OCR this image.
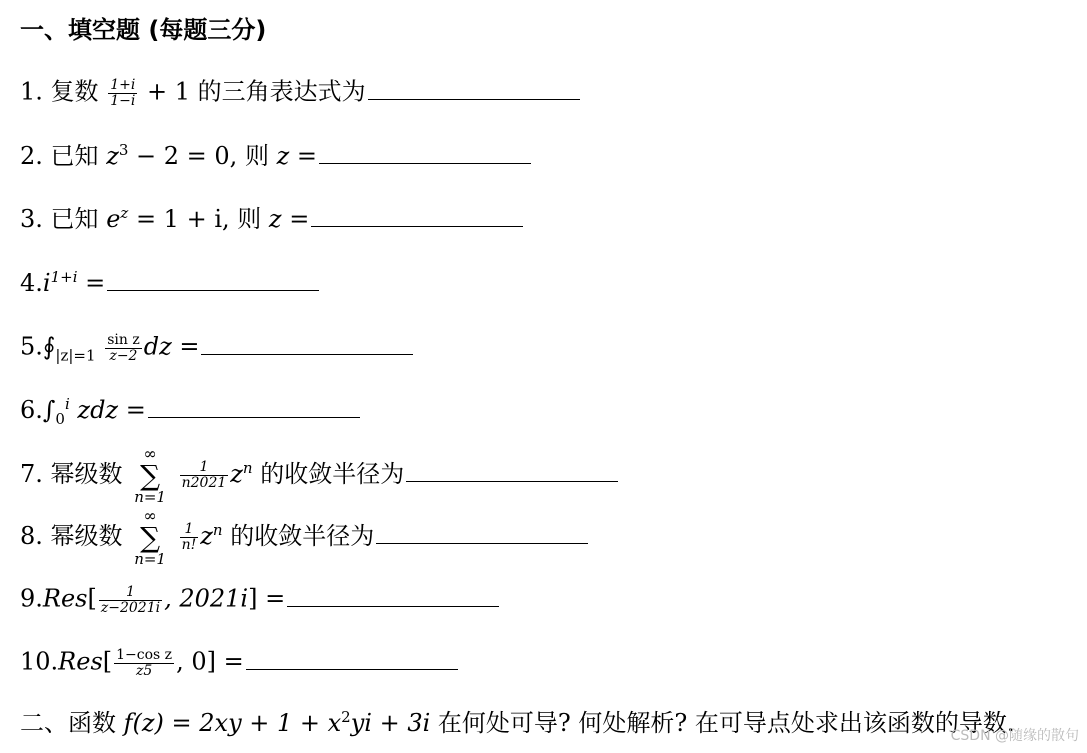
一、填空题 (每题三分)
1. 复数 $\frac{1+i}{1-i} + 1$ 的三角表达式为
2. 已知 $z^3 - 2 = 0$, 则 z =
3. 已知 $e^z = 1 + i$, 则 z =
$4.i^{1+i}$ =
$5.∮_{|z|=1} \frac{\text{sin z}}{z-2}$ dz =
$6.\int_0^i$ zdz =
7. 幂级数
∞
∑
n=1

$\frac{1}{n2021} z^n$ 的收敛半径为
8. 幂级数
∞
∑
n=1

$\frac{1}{n!} z^n$ 的收敛半径为
$9.Res[ \frac{1}{z-2021i}$ , 2021i] =
$10.Res[ \frac{\text{1−cos z}}{z5}$ , 0] =
二、函数 $f(z) = 2xy + 1 + x^2yi + 3i$ 在何处可导? 何处解析? 在可导点处求出该函数的导数.
CSDN @随缘的散句
